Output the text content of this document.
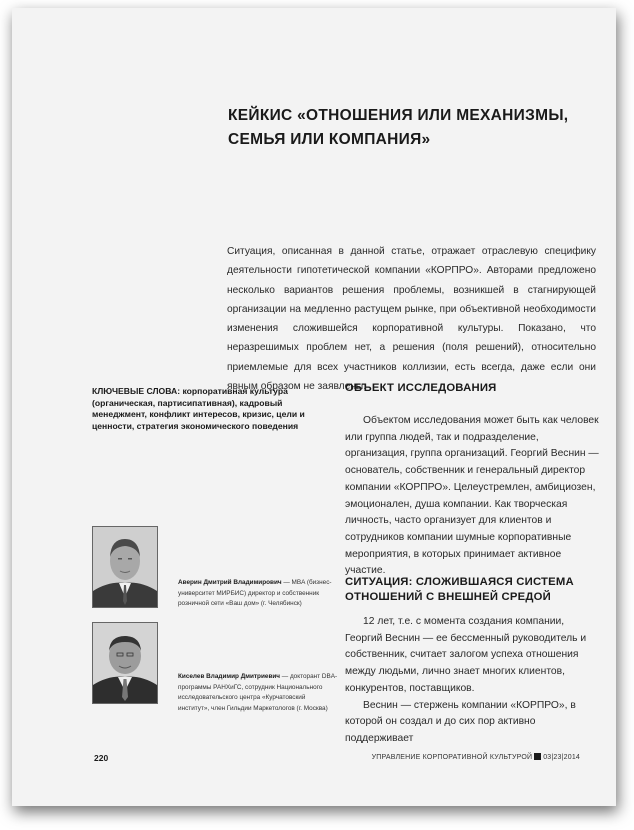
КЕЙКИС «ОТНОШЕНИЯ ИЛИ МЕХАНИЗМЫ,
СЕМЬЯ ИЛИ КОМПАНИЯ»
Ситуация, описанная в данной статье, отражает отраслевую специфику деятельности гипотетической компании «КОРПРО». Авторами предложено несколько вариантов решения проблемы, возникшей в стагнирующей организации на медленно растущем рынке, при объективной необходимости изменения сложившейся корпоративной культуры. Показано, что неразрешимых проблем нет, а решения (поля решений), относительно приемлемые для всех участников коллизии, есть всегда, даже если они явным образом не заявлены.
КЛЮЧЕВЫЕ СЛОВА: корпоративная культура (органическая, партисипативная), кадровый менеджмент, конфликт интересов, кризис, цели и ценности, стратегия экономического поведения
ОБЪЕКТ ИССЛЕДОВАНИЯ

Объектом исследования может быть как человек или группа людей, так и подразделение, организация, группа организаций. Георгий Веснин — основатель, собственник и генеральный директор компании «КОРПРО». Целеустремлен, амбициозен, эмоционален, душа компании. Как творческая личность, часто организует для клиентов и сотрудников компании шумные корпоративные мероприятия, в которых принимает активное участие.

СИТУАЦИЯ: СЛОЖИВШАЯСЯ СИСТЕМА
ОТНОШЕНИЙ С ВНЕШНЕЙ СРЕДОЙ

12 лет, т.е. с момента создания компании, Георгий Веснин — ее бессменный руководитель и собственник, считает залогом успеха отношения между людьми, лично знает многих клиентов, конкурентов, поставщиков.

Веснин — стержень компании «КОРПРО», в которой он создал и до сих пор активно поддерживает

Аверин Дмитрий Владимирович — MBA (бизнес-университет МИРБИС) директор и собственник розничной сети «Ваш дом» (г. Челябинск)
Киселев Владимир Дмитриевич — докторант DBA-программы РАНХиГС, сотрудник Национального исследовательского центра «Курчатовский институт», член Гильдии Маркетологов (г. Москва)
220	УПРАВЛЕНИЕ КОРПОРАТИВНОЙ КУЛЬТУРОЙ 03|23|2014
